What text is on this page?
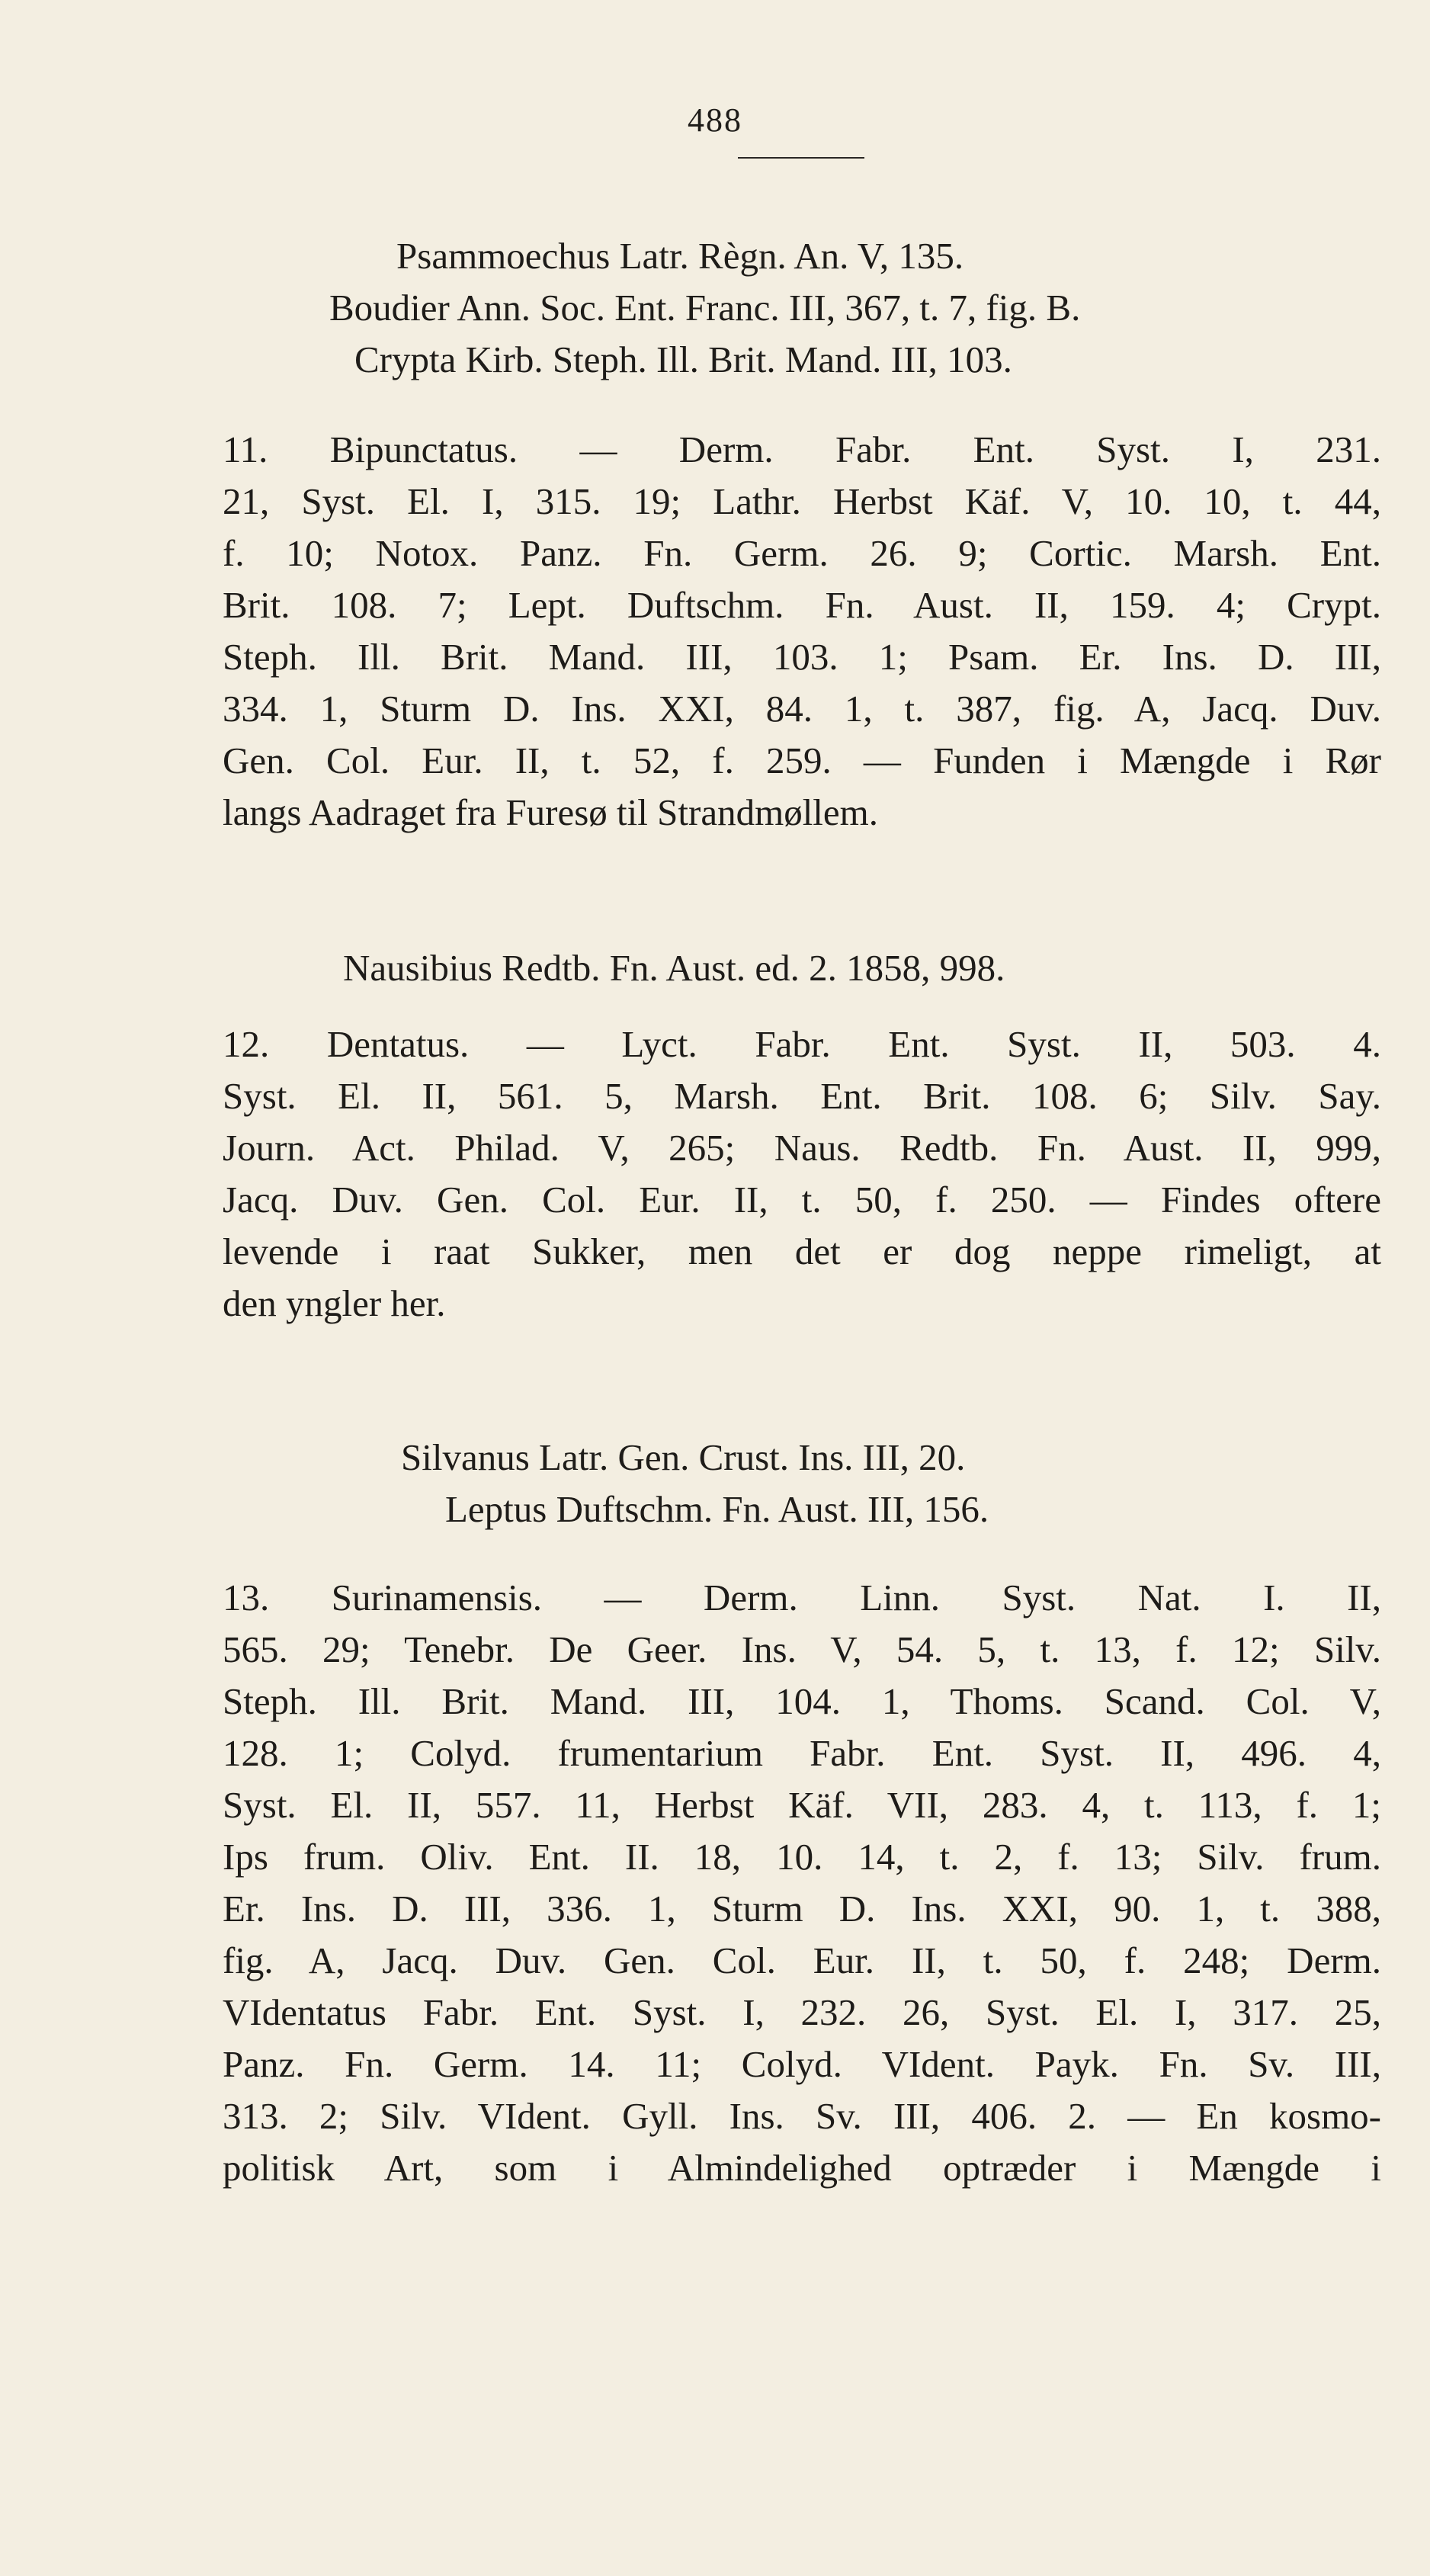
488
Psammoechus Latr. Règn. An. V, 135.
Boudier Ann. Soc. Ent. Franc. III, 367, t. 7, fig. B.
Crypta Kirb. Steph. Ill. Brit. Mand. III, 103.
11. Bipunctatus. — Derm. Fabr. Ent. Syst. I, 231.
21, Syst. El. I, 315. 19; Lathr. Herbst Käf. V, 10. 10, t. 44,
f. 10; Notox. Panz. Fn. Germ. 26. 9; Cortic. Marsh. Ent.
Brit. 108. 7; Lept. Duftschm. Fn. Aust. II, 159. 4; Crypt.
Steph. Ill. Brit. Mand. III, 103. 1; Psam. Er. Ins. D. III,
334. 1, Sturm D. Ins. XXI, 84. 1, t. 387, fig. A, Jacq. Duv.
Gen. Col. Eur. II, t. 52, f. 259. — Funden i Mængde i Rør
langs Aadraget fra Furesø til Strandmøllem.
Nausibius Redtb. Fn. Aust. ed. 2. 1858, 998.
12. Dentatus. — Lyct. Fabr. Ent. Syst. II, 503. 4.
Syst. El. II, 561. 5, Marsh. Ent. Brit. 108. 6; Silv. Say.
Journ. Act. Philad. V, 265; Naus. Redtb. Fn. Aust. II, 999,
Jacq. Duv. Gen. Col. Eur. II, t. 50, f. 250. — Findes oftere
levende i raat Sukker, men det er dog neppe rimeligt, at
den yngler her.
Silvanus Latr. Gen. Crust. Ins. III, 20.
Leptus Duftschm. Fn. Aust. III, 156.
13. Surinamensis. — Derm. Linn. Syst. Nat. I. II,
565. 29; Tenebr. De Geer. Ins. V, 54. 5, t. 13, f. 12; Silv.
Steph. Ill. Brit. Mand. III, 104. 1, Thoms. Scand. Col. V,
128. 1; Colyd. frumentarium Fabr. Ent. Syst. II, 496. 4,
Syst. El. II, 557. 11, Herbst Käf. VII, 283. 4, t. 113, f. 1;
Ips frum. Oliv. Ent. II. 18, 10. 14, t. 2, f. 13; Silv. frum.
Er. Ins. D. III, 336. 1, Sturm D. Ins. XXI, 90. 1, t. 388,
fig. A, Jacq. Duv. Gen. Col. Eur. II, t. 50, f. 248; Derm.
VIdentatus Fabr. Ent. Syst. I, 232. 26, Syst. El. I, 317. 25,
Panz. Fn. Germ. 14. 11; Colyd. VIdent. Payk. Fn. Sv. III,
313. 2; Silv. VIdent. Gyll. Ins. Sv. III, 406. 2. — En kosmo-
politisk Art, som i Almindelighed optræder i Mængde i
